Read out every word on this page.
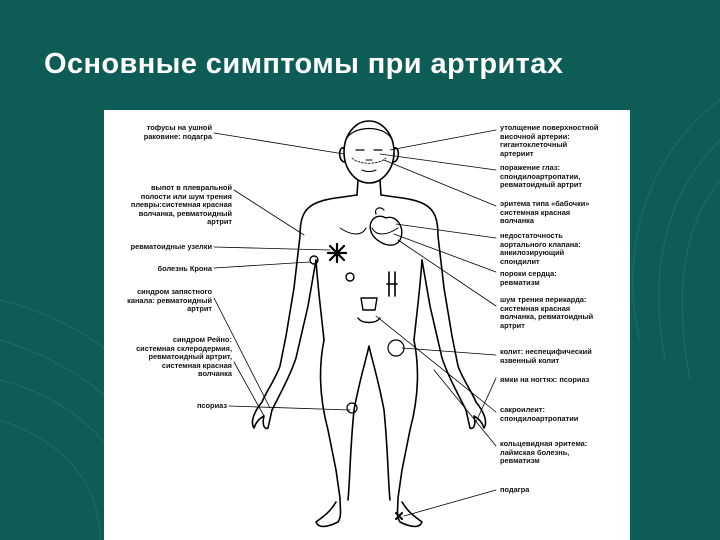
Основные симптомы при артритах
тофусы на ушной
раковине: подагра
выпот в плевральной
полости или шум трения
плевры:системная красная
волчанка, ревматоидный
артрит
ревматоидные узелки
болезнь Крона
синдром запястного
канала: ревматоидный
артрит
синдром Рейно:
системная склеродермия,
ревматоидный артрит,
системная красная
волчанка
псориаз
утолщение поверхностной
височной артерии:
гигантоклеточный
артериит
поражение глаз:
спондилоартропатии,
ревматоидный артрит
эритема типа «бабочки»
системная красная
волчанка
недостаточность
аортального клапана:
анкилозирующий
спондилит
пороки сердца:
ревматизм
шум трения перикарда:
системная красная
волчанка, ревматоидный
артрит
колит: неспецифический
язвенный колит
ямки на ногтях: псориаз
сакроилеит:
спондилоартропатии
кольцевидная эритема:
лаймская болезнь,
ревматизм
подагра
